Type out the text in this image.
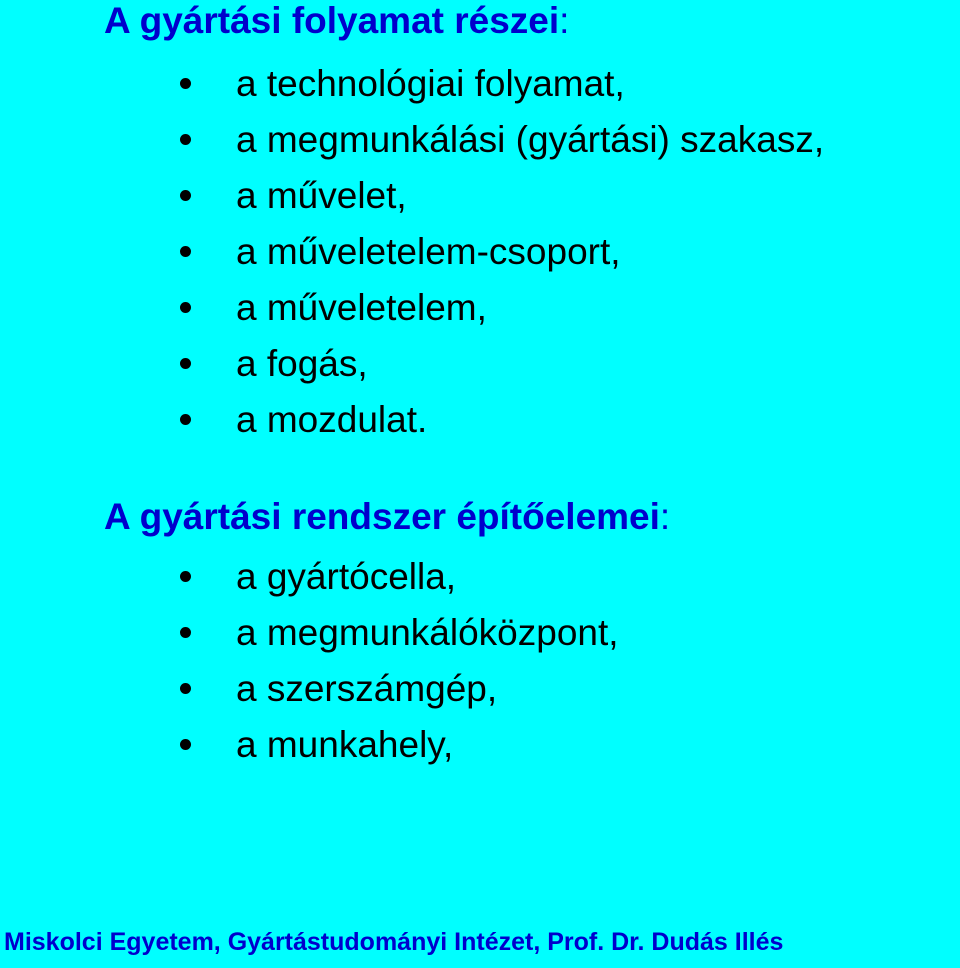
A gyártási folyamat részei:
a technológiai folyamat,
a megmunkálási (gyártási) szakasz,
a művelet,
a műveletelem-csoport,
a műveletelem,
a fogás,
a mozdulat.
A gyártási rendszer építőelemei:
a gyártócella,
a megmunkálóközpont,
a szerszámgép,
a munkahely,

Miskolci Egyetem, Gyártástudományi Intézet, Prof. Dr. Dudás Illés
